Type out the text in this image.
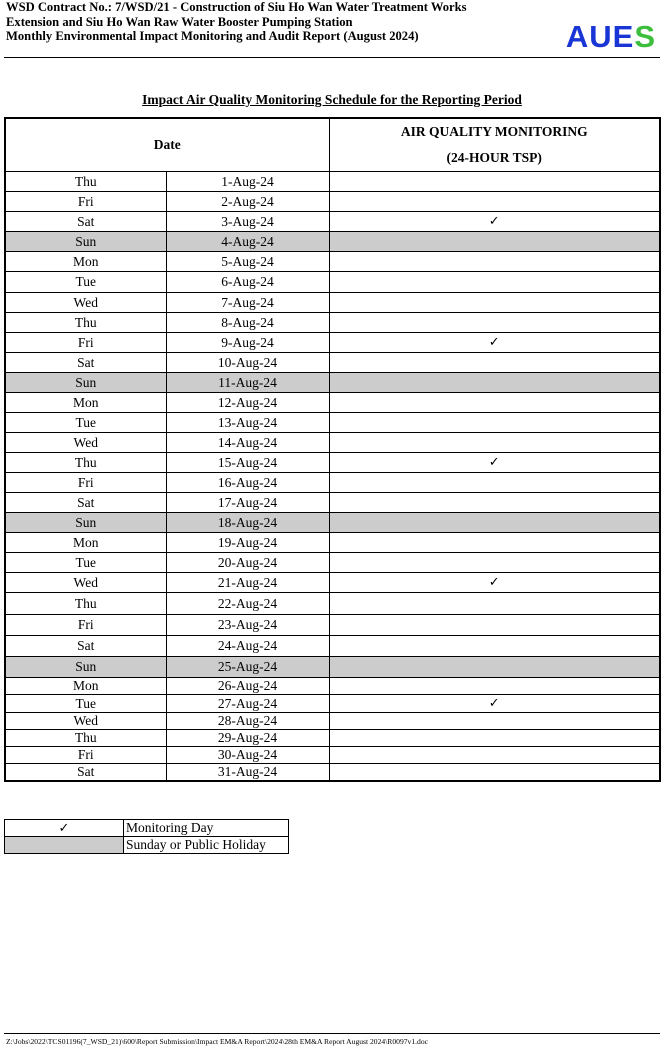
WSD Contract No.: 7/WSD/21 - Construction of Siu Ho Wan Water Treatment Works
Extension and Siu Ho Wan Raw Water Booster Pumping Station
Monthly Environmental Impact Monitoring and Audit Report (August 2024)	AUES
Impact Air Quality Monitoring Schedule for the Reporting Period
Date		AIR QUALITY MONITORING
(24-HOUR TSP)

Thu	1-Aug-24	
Fri	2-Aug-24	
Sat	3-Aug-24	✓
Sun	4-Aug-24	
Mon	5-Aug-24	
Tue	6-Aug-24	
Wed	7-Aug-24	
Thu	8-Aug-24	
Fri	9-Aug-24	✓
Sat	10-Aug-24	
Sun	11-Aug-24	
Mon	12-Aug-24	
Tue	13-Aug-24	
Wed	14-Aug-24	
Thu	15-Aug-24	✓
Fri	16-Aug-24	
Sat	17-Aug-24	
Sun	18-Aug-24	
Mon	19-Aug-24	
Tue	20-Aug-24	
Wed	21-Aug-24	✓
Thu	22-Aug-24	
Fri	23-Aug-24	
Sat	24-Aug-24	
Sun	25-Aug-24	
Mon	26-Aug-24	
Tue	27-Aug-24	✓
Wed	28-Aug-24	
Thu	29-Aug-24	
Fri	30-Aug-24	
Sat	31-Aug-24	
✓	Monitoring Day
	Sunday or Public Holiday
Z:\Jobs\2022\TCS01196(7_WSD_21)\600\Report Submission\Impact EM&A Report\2024\28th EM&A Report August 2024\R0097v1.doc
